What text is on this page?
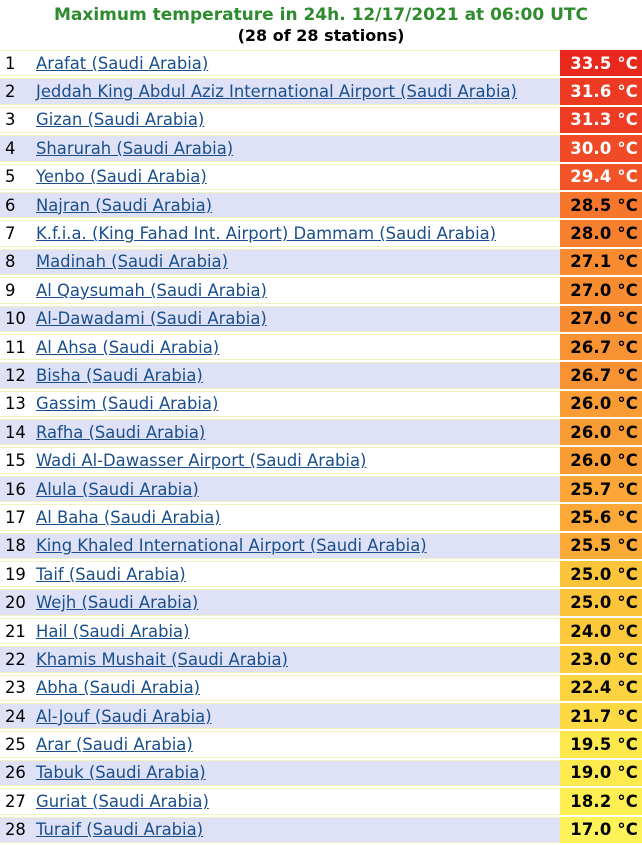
Maximum temperature in 24h. 12/17/2021 at 06:00 UTC
(28 of 28 stations)
1	Arafat (Saudi Arabia)	33.5 °C
2	Jeddah King Abdul Aziz International Airport (Saudi Arabia)	31.6 °C
3	Gizan (Saudi Arabia)	31.3 °C
4	Sharurah (Saudi Arabia)	30.0 °C
5	Yenbo (Saudi Arabia)	29.4 °C
6	Najran (Saudi Arabia)	28.5 °C
7	K.f.i.a. (King Fahad Int. Airport) Dammam (Saudi Arabia)	28.0 °C
8	Madinah (Saudi Arabia)	27.1 °C
9	Al Qaysumah (Saudi Arabia)	27.0 °C
10	Al-Dawadami (Saudi Arabia)	27.0 °C
11	Al Ahsa (Saudi Arabia)	26.7 °C
12	Bisha (Saudi Arabia)	26.7 °C
13	Gassim (Saudi Arabia)	26.0 °C
14	Rafha (Saudi Arabia)	26.0 °C
15	Wadi Al-Dawasser Airport (Saudi Arabia)	26.0 °C
16	Alula (Saudi Arabia)	25.7 °C
17	Al Baha (Saudi Arabia)	25.6 °C
18	King Khaled International Airport (Saudi Arabia)	25.5 °C
19	Taif (Saudi Arabia)	25.0 °C
20	Wejh (Saudi Arabia)	25.0 °C
21	Hail (Saudi Arabia)	24.0 °C
22	Khamis Mushait (Saudi Arabia)	23.0 °C
23	Abha (Saudi Arabia)	22.4 °C
24	Al-Jouf (Saudi Arabia)	21.7 °C
25	Arar (Saudi Arabia)	19.5 °C
26	Tabuk (Saudi Arabia)	19.0 °C
27	Guriat (Saudi Arabia)	18.2 °C
28	Turaif (Saudi Arabia)	17.0 °C
